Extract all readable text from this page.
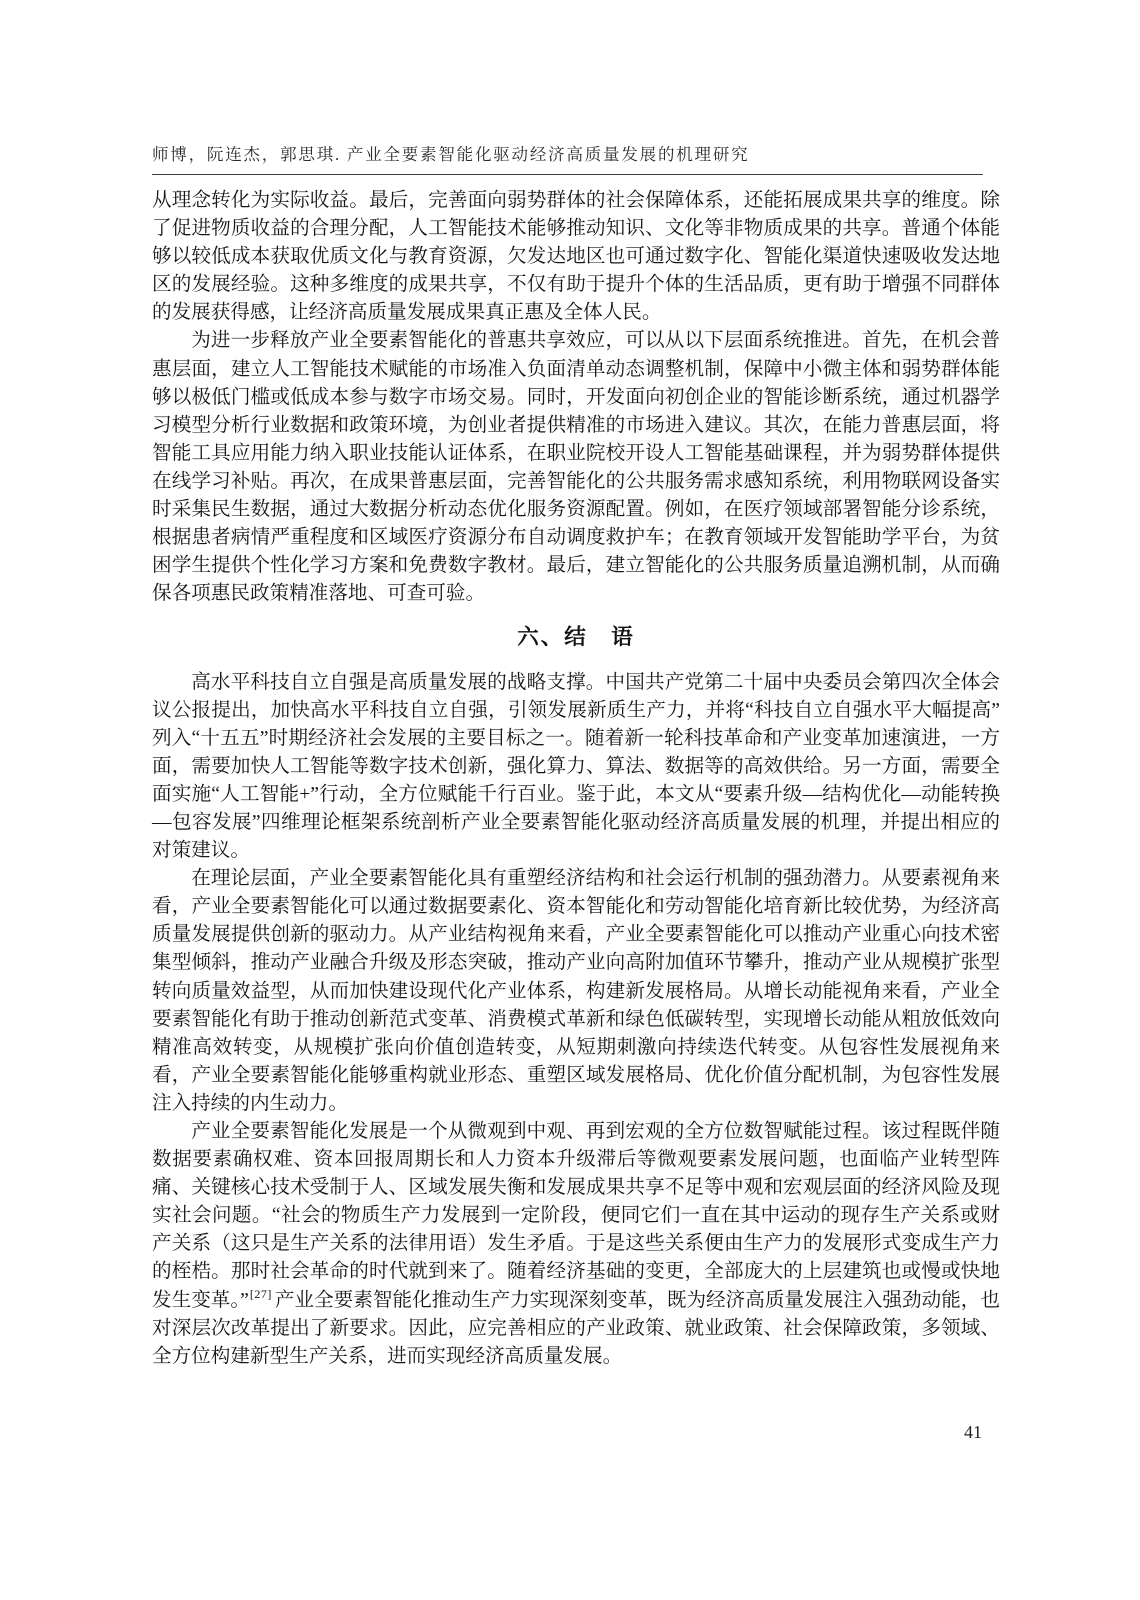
师博，阮连杰，郭思琪. 产业全要素智能化驱动经济高质量发展的机理研究

从理念转化为实际收益。最后，完善面向弱势群体的社会保障体系，还能拓展成果共享的维度。除了促进物质收益的合理分配，人工智能技术能够推动知识、文化等非物质成果的共享。普通个体能够以较低成本获取优质文化与教育资源，欠发达地区也可通过数字化、智能化渠道快速吸收发达地区的发展经验。这种多维度的成果共享，不仅有助于提升个体的生活品质，更有助于增强不同群体的发展获得感，让经济高质量发展成果真正惠及全体人民。

为进一步释放产业全要素智能化的普惠共享效应，可以从以下层面系统推进。首先，在机会普惠层面，建立人工智能技术赋能的市场准入负面清单动态调整机制，保障中小微主体和弱势群体能够以极低门槛或低成本参与数字市场交易。同时，开发面向初创企业的智能诊断系统，通过机器学习模型分析行业数据和政策环境，为创业者提供精准的市场进入建议。其次，在能力普惠层面，将智能工具应用能力纳入职业技能认证体系，在职业院校开设人工智能基础课程，并为弱势群体提供在线学习补贴。再次，在成果普惠层面，完善智能化的公共服务需求感知系统，利用物联网设备实时采集民生数据，通过大数据分析动态优化服务资源配置。例如，在医疗领域部署智能分诊系统，根据患者病情严重程度和区域医疗资源分布自动调度救护车；在教育领域开发智能助学平台，为贫困学生提供个性化学习方案和免费数字教材。最后，建立智能化的公共服务质量追溯机制，从而确保各项惠民政策精准落地、可查可验。

六、结　语

高水平科技自立自强是高质量发展的战略支撑。中国共产党第二十届中央委员会第四次全体会议公报提出，加快高水平科技自立自强，引领发展新质生产力，并将“科技自立自强水平大幅提高”列入“十五五”时期经济社会发展的主要目标之一。随着新一轮科技革命和产业变革加速演进，一方面，需要加快人工智能等数字技术创新，强化算力、算法、数据等的高效供给。另一方面，需要全面实施“人工智能+”行动，全方位赋能千行百业。鉴于此，本文从“要素升级—结构优化—动能转换—包容发展”四维理论框架系统剖析产业全要素智能化驱动经济高质量发展的机理，并提出相应的对策建议。

在理论层面，产业全要素智能化具有重塑经济结构和社会运行机制的强劲潜力。从要素视角来看，产业全要素智能化可以通过数据要素化、资本智能化和劳动智能化培育新比较优势，为经济高质量发展提供创新的驱动力。从产业结构视角来看，产业全要素智能化可以推动产业重心向技术密集型倾斜，推动产业融合升级及形态突破，推动产业向高附加值环节攀升，推动产业从规模扩张型转向质量效益型，从而加快建设现代化产业体系，构建新发展格局。从增长动能视角来看，产业全要素智能化有助于推动创新范式变革、消费模式革新和绿色低碳转型，实现增长动能从粗放低效向精准高效转变，从规模扩张向价值创造转变，从短期刺激向持续迭代转变。从包容性发展视角来看，产业全要素智能化能够重构就业形态、重塑区域发展格局、优化价值分配机制，为包容性发展注入持续的内生动力。

产业全要素智能化发展是一个从微观到中观、再到宏观的全方位数智赋能过程。该过程既伴随数据要素确权难、资本回报周期长和人力资本升级滞后等微观要素发展问题，也面临产业转型阵痛、关键核心技术受制于人、区域发展失衡和发展成果共享不足等中观和宏观层面的经济风险及现实社会问题。“社会的物质生产力发展到一定阶段，便同它们一直在其中运动的现存生产关系或财产关系（这只是生产关系的法律用语）发生矛盾。于是这些关系便由生产力的发展形式变成生产力的桎梏。那时社会革命的时代就到来了。随着经济基础的变更，全部庞大的上层建筑也或慢或快地发生变革。”[27] 产业全要素智能化推动生产力实现深刻变革，既为经济高质量发展注入强劲动能，也对深层次改革提出了新要求。因此，应完善相应的产业政策、就业政策、社会保障政策，多领域、全方位构建新型生产关系，进而实现经济高质量发展。

41
